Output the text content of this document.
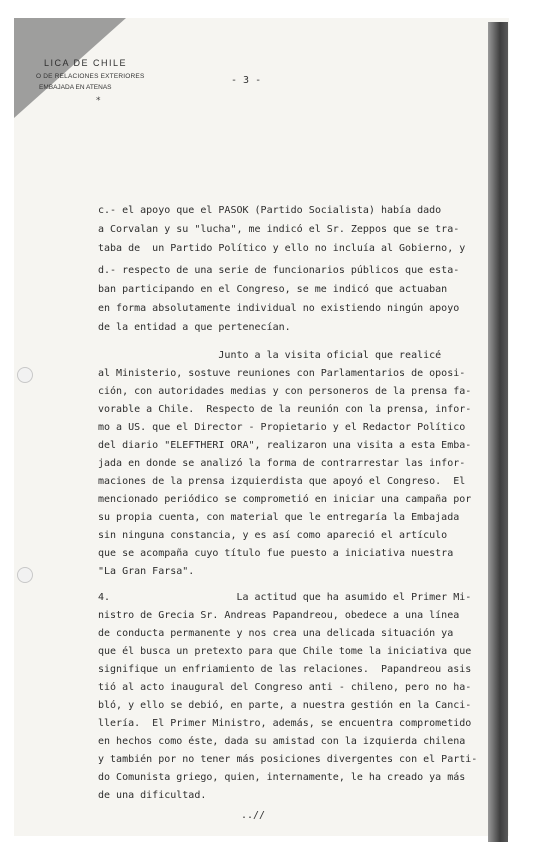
LICA DE CHILE
O DE RELACIONES EXTERIORES
EMBAJADA EN ATENAS
*
- 3 -
c.- el apoyo que el PASOK (Partido Socialista) había dado
a Corvalan y su "lucha", me indicó el Sr. Zeppos que se tra-
taba de  un Partido Político y ello no incluía al Gobierno, y
d.- respecto de una serie de funcionarios públicos que esta-
ban participando en el Congreso, se me indicó que actuaban
en forma absolutamente individual no existiendo ningún apoyo
de la entidad a que pertenecían.
Junto a la visita oficial que realicé
al Ministerio, sostuve reuniones con Parlamentarios de oposi-
ción, con autoridades medias y con personeros de la prensa fa-
vorable a Chile.  Respecto de la reunión con la prensa, infor-
mo a US. que el Director - Propietario y el Redactor Político
del diario "ELEFTHERI ORA", realizaron una visita a esta Emba-
jada en donde se analizó la forma de contrarrestar las infor-
maciones de la prensa izquierdista que apoyó el Congreso.  El
mencionado periódico se comprometió en iniciar una campaña por
su propia cuenta, con material que le entregaría la Embajada
sin ninguna constancia, y es así como apareció el artículo
que se acompaña cuyo título fue puesto a iniciativa nuestra
"La Gran Farsa".
4.                     La actitud que ha asumido el Primer Mi-
nistro de Grecia Sr. Andreas Papandreou, obedece a una línea
de conducta permanente y nos crea una delicada situación ya
que él busca un pretexto para que Chile tome la iniciativa que
signifique un enfriamiento de las relaciones.  Papandreou asis
tió al acto inaugural del Congreso anti - chileno, pero no ha-
bló, y ello se debió, en parte, a nuestra gestión en la Canci-
llería.  El Primer Ministro, además, se encuentra comprometido
en hechos como éste, dada su amistad con la izquierda chilena
y también por no tener más posiciones divergentes con el Parti-
do Comunista griego, quien, internamente, le ha creado ya más
de una dificultad.
..//
